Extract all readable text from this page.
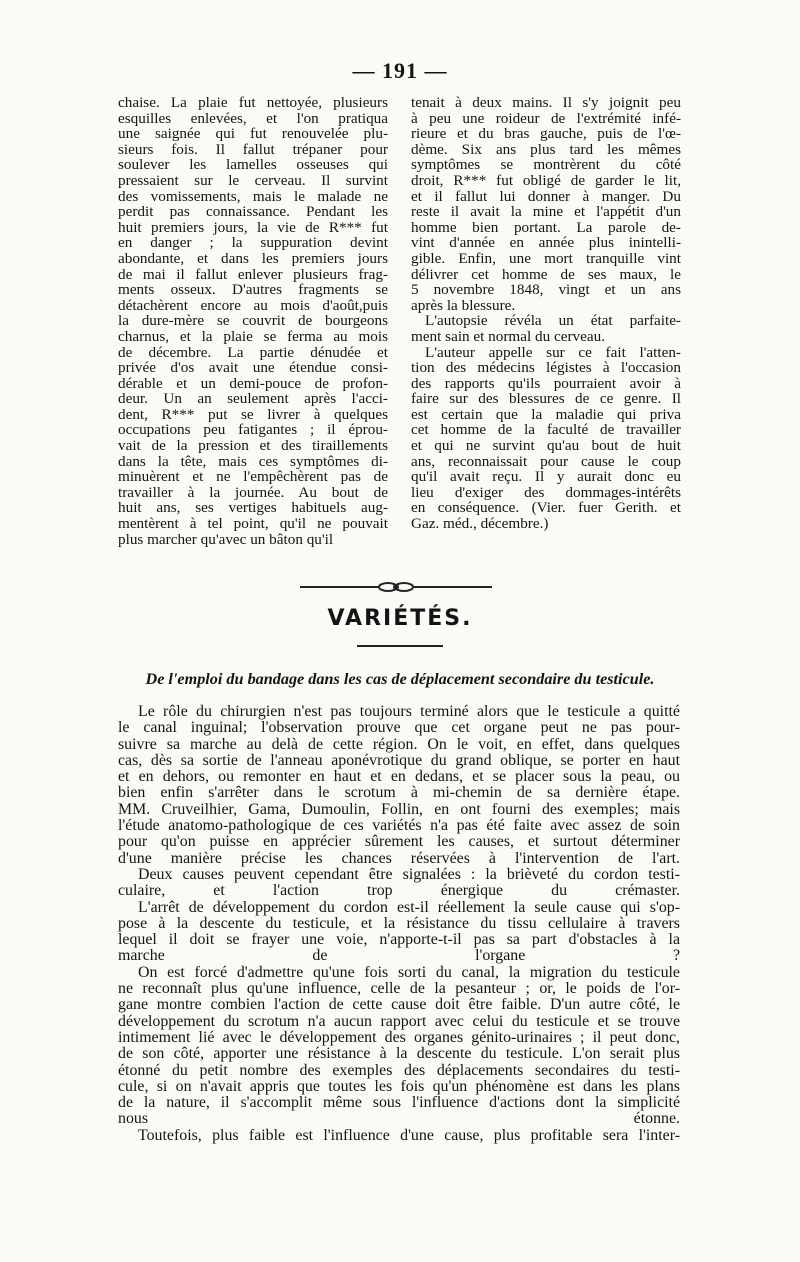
— 191 —

chaise. La plaie fut nettoyée, plusieurs
esquilles enlevées, et l'on pratiqua
une saignée qui fut renouvelée plu-
sieurs fois. Il fallut trépaner pour
soulever les lamelles osseuses qui
pressaient sur le cerveau. Il survint
des vomissements, mais le malade ne
perdit pas connaissance. Pendant les
huit premiers jours, la vie de R*** fut
en danger ; la suppuration devint
abondante, et dans les premiers jours
de mai il fallut enlever plusieurs frag-
ments osseux. D'autres fragments se
détachèrent encore au mois d'août,puis
la dure-mère se couvrit de bourgeons
charnus, et la plaie se ferma au mois
de décembre. La partie dénudée et
privée d'os avait une étendue consi-
dérable et un demi-pouce de profon-
deur. Un an seulement après l'acci-
dent, R*** put se livrer à quelques
occupations peu fatigantes ; il éprou-
vait de la pression et des tiraillements
dans la tête, mais ces symptômes di-
minuèrent et ne l'empêchèrent pas de
travailler à la journée. Au bout de
huit ans, ses vertiges habituels aug-
mentèrent à tel point, qu'il ne pouvait
plus marcher qu'avec un bâton qu'il

tenait à deux mains. Il s'y joignit peu
à peu une roideur de l'extrémité infé-
rieure et du bras gauche, puis de l'œ-
dème. Six ans plus tard les mêmes
symptômes se montrèrent du côté
droit, R*** fut obligé de garder le lit,
et il fallut lui donner à manger. Du
reste il avait la mine et l'appétit d'un
homme bien portant. La parole de-
vint d'année en année plus inintelli-
gible. Enfin, une mort tranquille vint
délivrer cet homme de ses maux, le
5 novembre 1848, vingt et un ans
après la blessure.

L'autopsie révéla un état parfaite-
ment sain et normal du cerveau.

L'auteur appelle sur ce fait l'atten-
tion des médecins légistes à l'occasion
des rapports qu'ils pourraient avoir à
faire sur des blessures de ce genre. Il
est certain que la maladie qui priva
cet homme de la faculté de travailler
et qui ne survint qu'au bout de huit
ans, reconnaissait pour cause le coup
qu'il avait reçu. Il y aurait donc eu
lieu d'exiger des dommages-intérêts
en conséquence. (Vier. fuer Gerith. et
Gaz. méd., décembre.)

VARIÉTÉS.
De l'emploi du bandage dans les cas de déplacement secondaire du testicule.

Le rôle du chirurgien n'est pas toujours terminé alors que le testicule a quitté
le canal inguinal; l'observation prouve que cet organe peut ne pas pour-
suivre sa marche au delà de cette région. On le voit, en effet, dans quelques
cas, dès sa sortie de l'anneau aponévrotique du grand oblique, se porter en haut
et en dehors, ou remonter en haut et en dedans, et se placer sous la peau, ou
bien enfin s'arrêter dans le scrotum à mi-chemin de sa dernière étape.
MM. Cruveilhier, Gama, Dumoulin, Follin, en ont fourni des exemples; mais
l'étude anatomo-pathologique de ces variétés n'a pas été faite avec assez de soin
pour qu'on puisse en apprécier sûrement les causes, et surtout déterminer
d'une manière précise les chances réservées à l'intervention de l'art.

Deux causes peuvent cependant être signalées : la brièveté du cordon testi-
culaire, et l'action trop énergique du crémaster.

L'arrêt de développement du cordon est-il réellement la seule cause qui s'op-
pose à la descente du testicule, et la résistance du tissu cellulaire à travers
lequel il doit se frayer une voie, n'apporte-t-il pas sa part d'obstacles à la
marche de l'organe ?

On est forcé d'admettre qu'une fois sorti du canal, la migration du testicule
ne reconnaît plus qu'une influence, celle de la pesanteur ; or, le poids de l'or-
gane montre combien l'action de cette cause doit être faible. D'un autre côté, le
développement du scrotum n'a aucun rapport avec celui du testicule et se trouve
intimement lié avec le développement des organes génito-urinaires ; il peut donc,
de son côté, apporter une résistance à la descente du testicule. L'on serait plus
étonné du petit nombre des exemples des déplacements secondaires du testi-
cule, si on n'avait appris que toutes les fois qu'un phénomène est dans les plans
de la nature, il s'accomplit même sous l'influence d'actions dont la simplicité
nous étonne.

Toutefois, plus faible est l'influence d'une cause, plus profitable sera l'inter-
